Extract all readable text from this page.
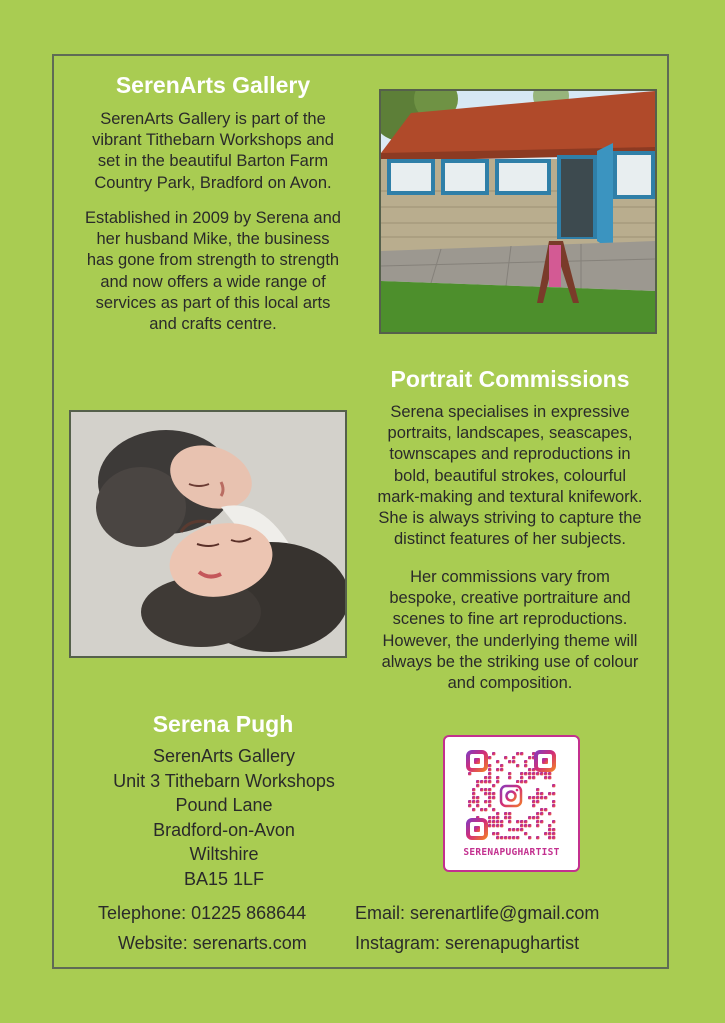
SerenArts Gallery
SerenArts Gallery is part of the
vibrant Tithebarn Workshops and
set in the beautiful Barton Farm
Country Park, Bradford on Avon.
Established in 2009 by Serena and
her husband Mike, the business
has gone from strength to strength
and now offers a wide range of
services as part of this local arts
and crafts centre.
Portrait Commissions
Serena specialises in expressive
portraits, landscapes, seascapes,
townscapes and reproductions in
bold, beautiful strokes, colourful
mark-making and textural knifework.
She is always striving to capture the
distinct features of her subjects.
Her commissions vary from
bespoke, creative portraiture and
scenes to fine art reproductions.
However, the underlying theme will
always be the striking use of colour
and composition.
Serena Pugh
SerenArts Gallery
Unit 3 Tithebarn Workshops
Pound Lane
Bradford-on-Avon
Wiltshire
BA15 1LF
Telephone: 01225 868644	Email: serenartlife@gmail.com
Website: serenarts.com	Instagram: serenapughartist
SERENAPUGHARTIST
